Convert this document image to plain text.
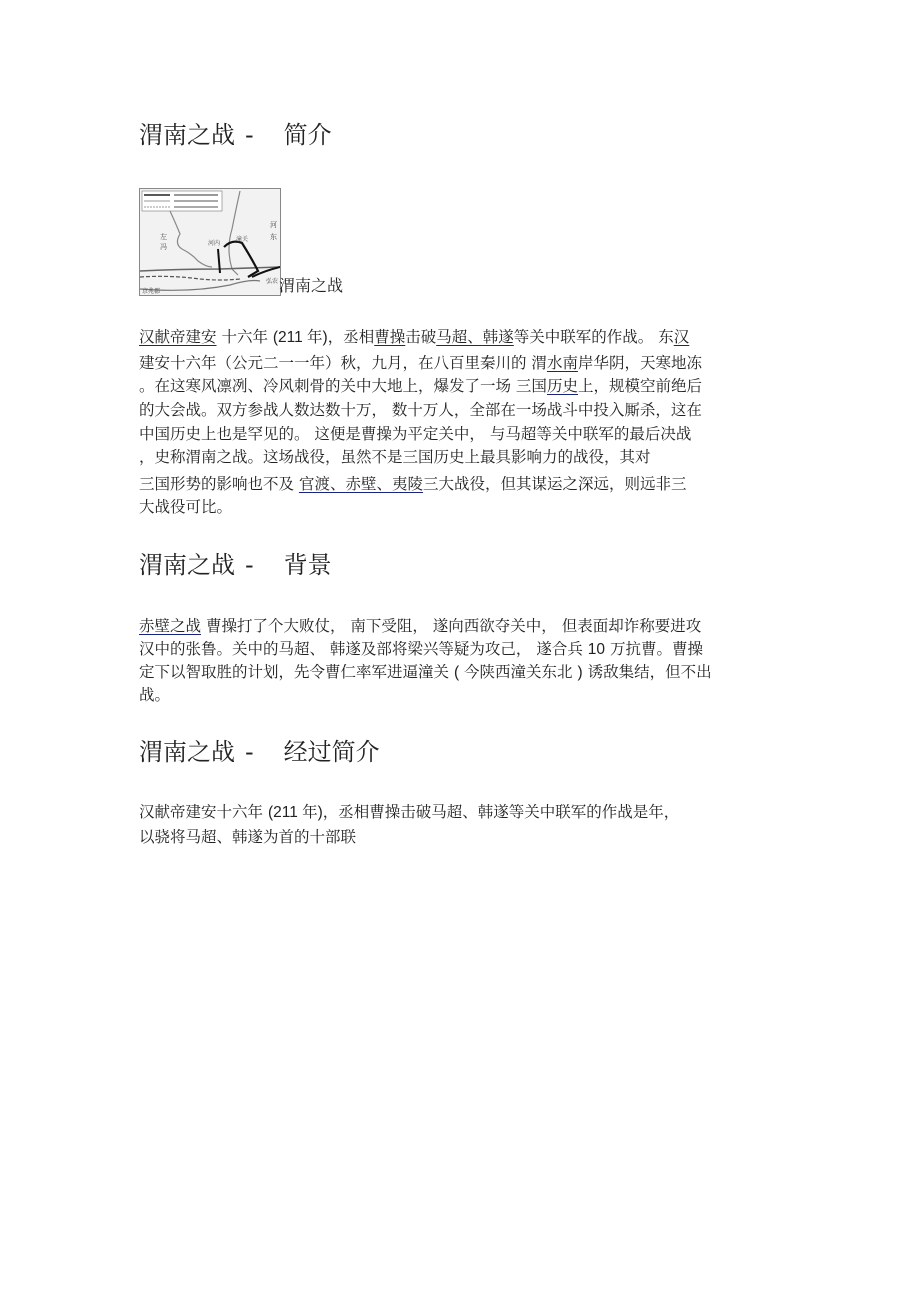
渭南之战 - 简介
河
东
左
冯	河内
潼关
京兆郡
弘农 渭南之战
汉献帝建安 十六年 (211 年)，丞相曹操击破马超、韩遂等关中联军的作战。 东汉
建安十六年（公元二一一年）秋，九月，在八百里秦川的 渭水南岸华阴，天寒地冻
。在这寒风凛冽、冷风刺骨的关中大地上，爆发了一场 三国历史上，规模空前绝后
的大会战。双方参战人数达数十万， 数十万人，全部在一场战斗中投入厮杀，这在
中国历史上也是罕见的。 这便是曹操为平定关中， 与马超等关中联军的最后决战
，史称渭南之战。这场战役，虽然不是三国历史上最具影响力的战役，其对
三国形势的影响也不及 官渡、赤壁、夷陵三大战役，但其谋运之深远，则远非三
大战役可比。
渭南之战 - 背景
赤壁之战 曹操打了个大败仗， 南下受阻， 遂向西欲夺关中， 但表面却诈称要进攻
汉中的张鲁。关中的马超、 韩遂及部将梁兴等疑为攻己， 遂合兵 10 万抗曹。曹操
定下以智取胜的计划，先令曹仁率军进逼潼关 ( 今陕西潼关东北 ) 诱敌集结，但不出
战。
渭南之战 - 经过简介
汉献帝建安十六年 (211 年)，丞相曹操击破马超、韩遂等关中联军的作战是年，
以骁将马超、韩遂为首的十部联
